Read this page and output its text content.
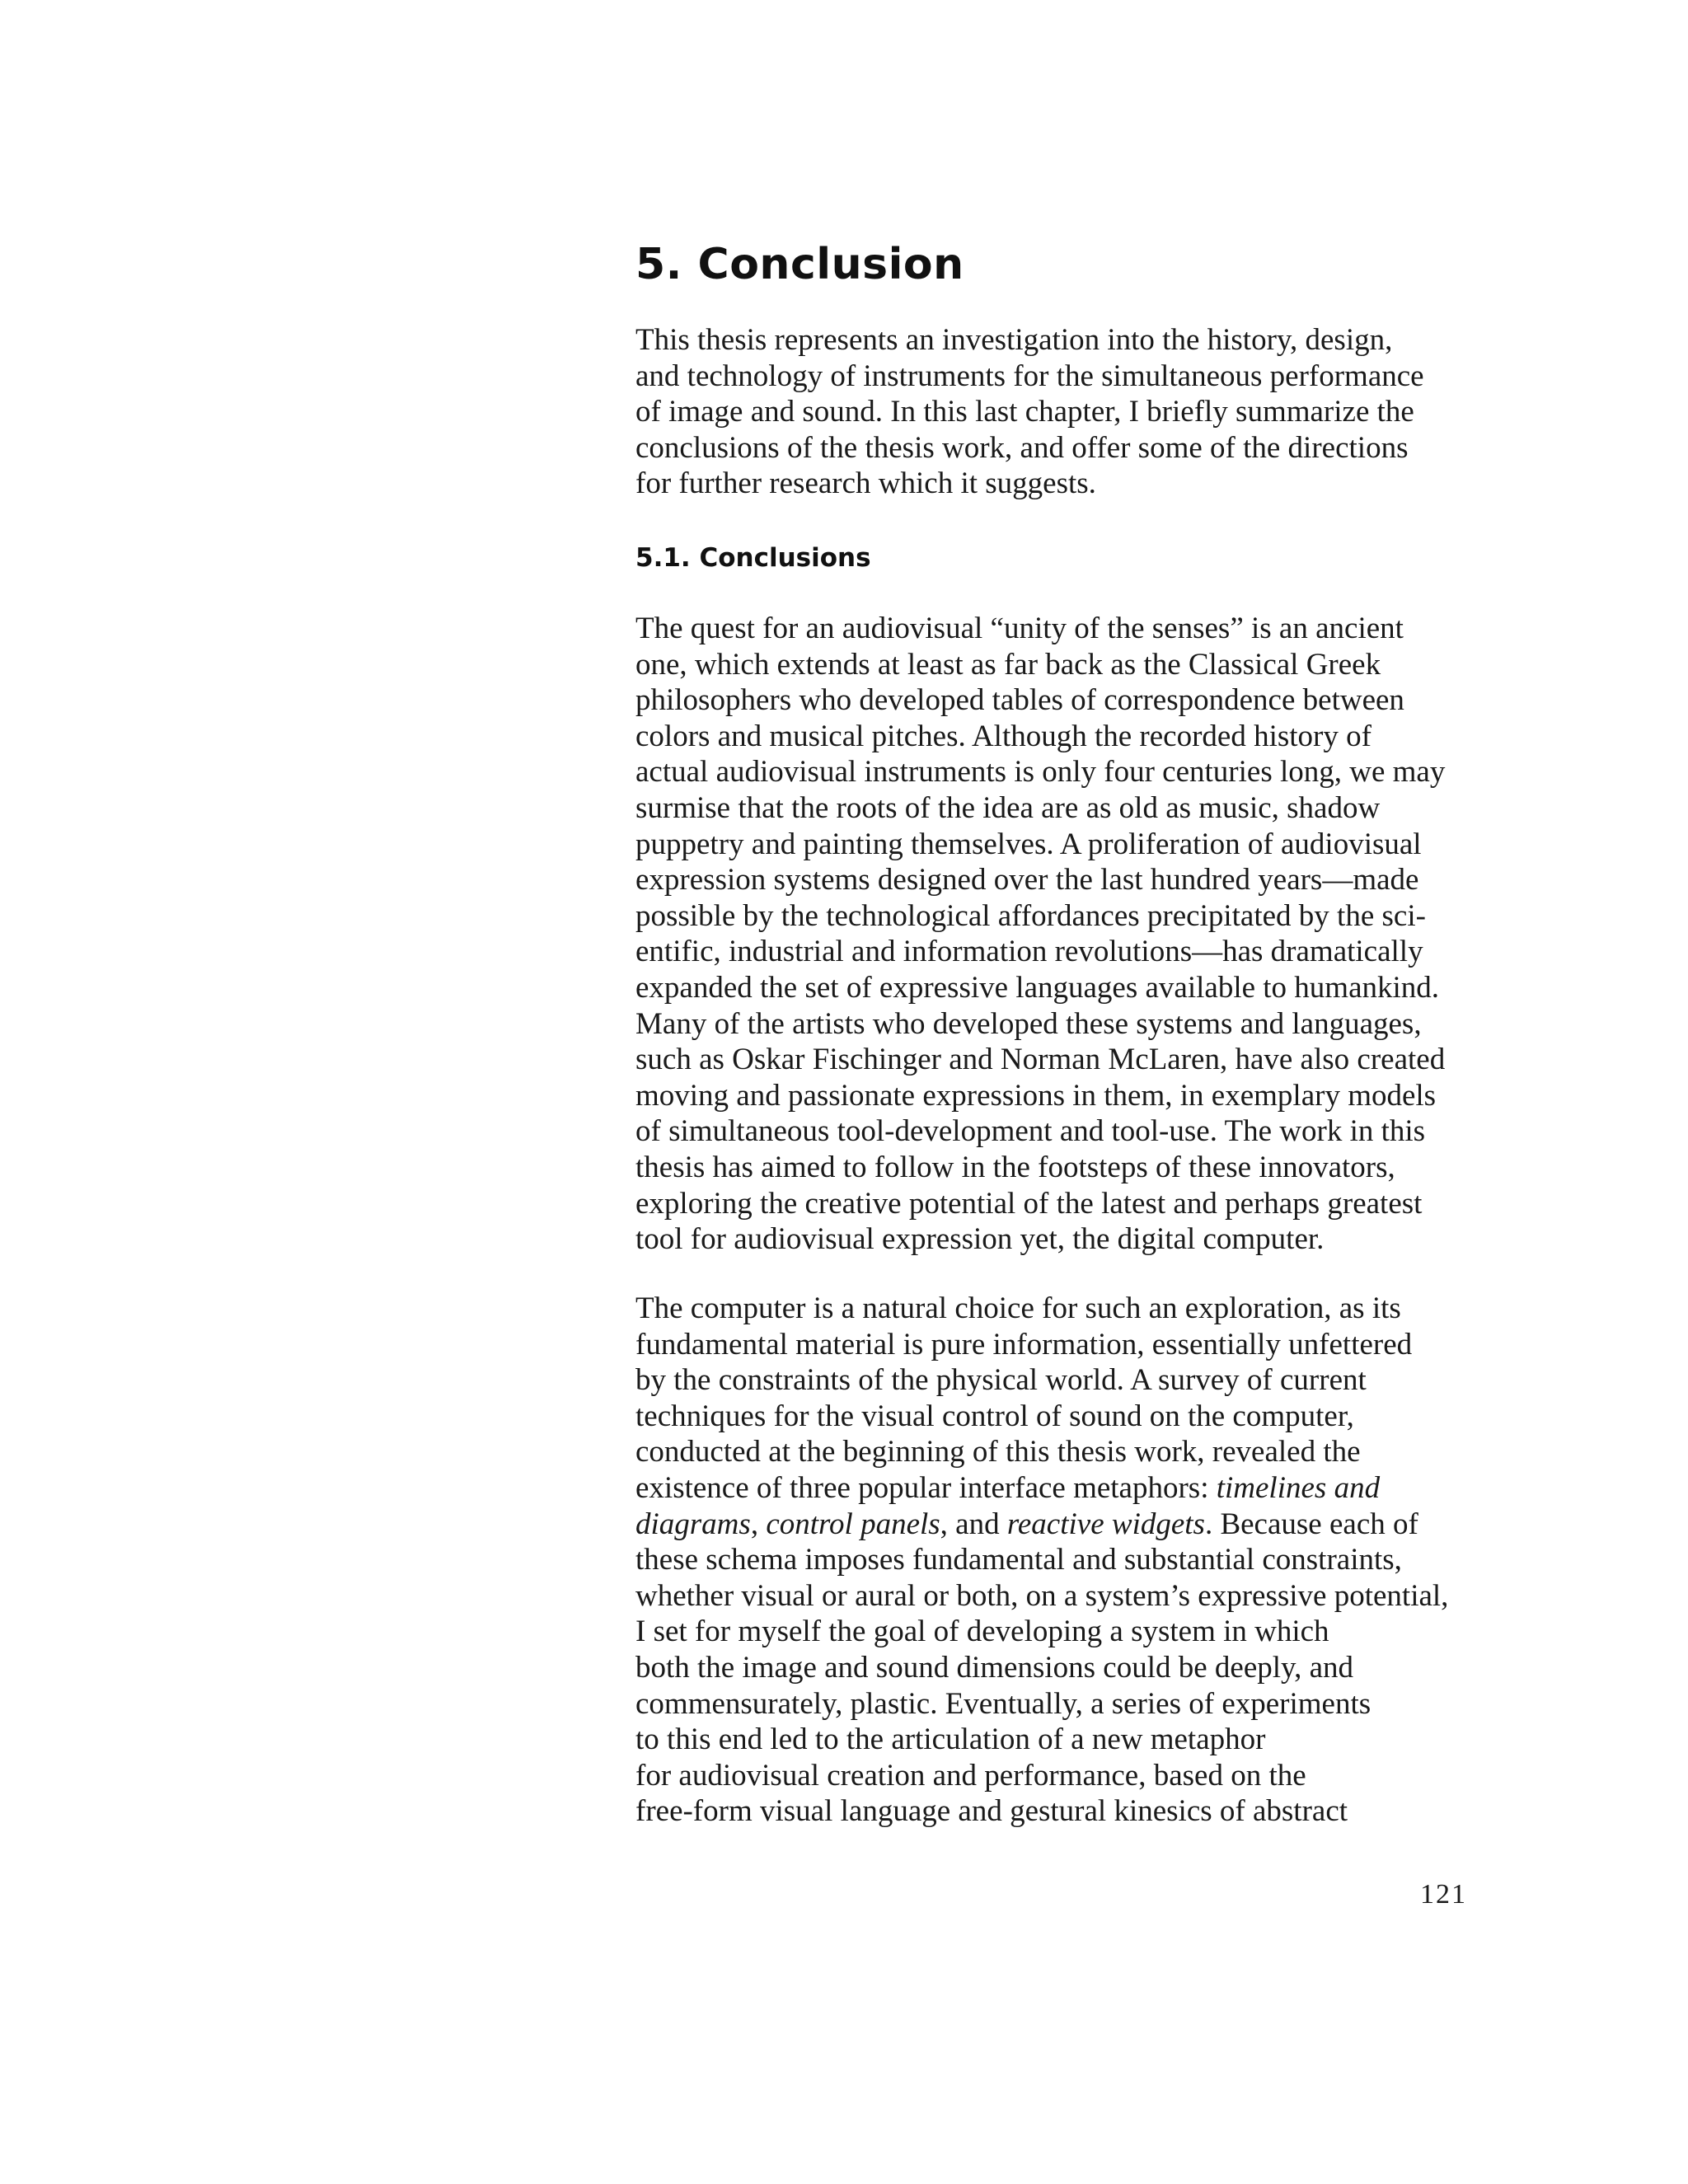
5. Conclusion
This thesis represents an investigation into the history, design,
and technology of instruments for the simultaneous performance
of image and sound. In this last chapter, I briefly summarize the
conclusions of the thesis work, and offer some of the directions
for further research which it suggests.
5.1. Conclusions
The quest for an audiovisual “unity of the senses” is an ancient
one, which extends at least as far back as the Classical Greek
philosophers who developed tables of correspondence between
colors and musical pitches. Although the recorded history of
actual audiovisual instruments is only four centuries long, we may
surmise that the roots of the idea are as old as music, shadow
puppetry and painting themselves. A proliferation of audiovisual
expression systems designed over the last hundred years—made
possible by the technological affordances precipitated by the sci-
entific, industrial and information revolutions—has dramatically
expanded the set of expressive languages available to humankind.
Many of the artists who developed these systems and languages,
such as Oskar Fischinger and Norman McLaren, have also created
moving and passionate expressions in them, in exemplary models
of simultaneous tool-development and tool-use. The work in this
thesis has aimed to follow in the footsteps of these innovators,
exploring the creative potential of the latest and perhaps greatest
tool for audiovisual expression yet, the digital computer.
The computer is a natural choice for such an exploration, as its
fundamental material is pure information, essentially unfettered
by the constraints of the physical world. A survey of current
techniques for the visual control of sound on the computer,
conducted at the beginning of this thesis work, revealed the
existence of three popular interface metaphors: timelines and
diagrams, control panels, and reactive widgets. Because each of
these schema imposes fundamental and substantial constraints,
whether visual or aural or both, on a system’s expressive potential,
I set for myself the goal of developing a system in which
both the image and sound dimensions could be deeply, and
commensurately, plastic. Eventually, a series of experiments
to this end led to the articulation of a new metaphor
for audiovisual creation and performance, based on the
free-form visual language and gestural kinesics of abstract
121
